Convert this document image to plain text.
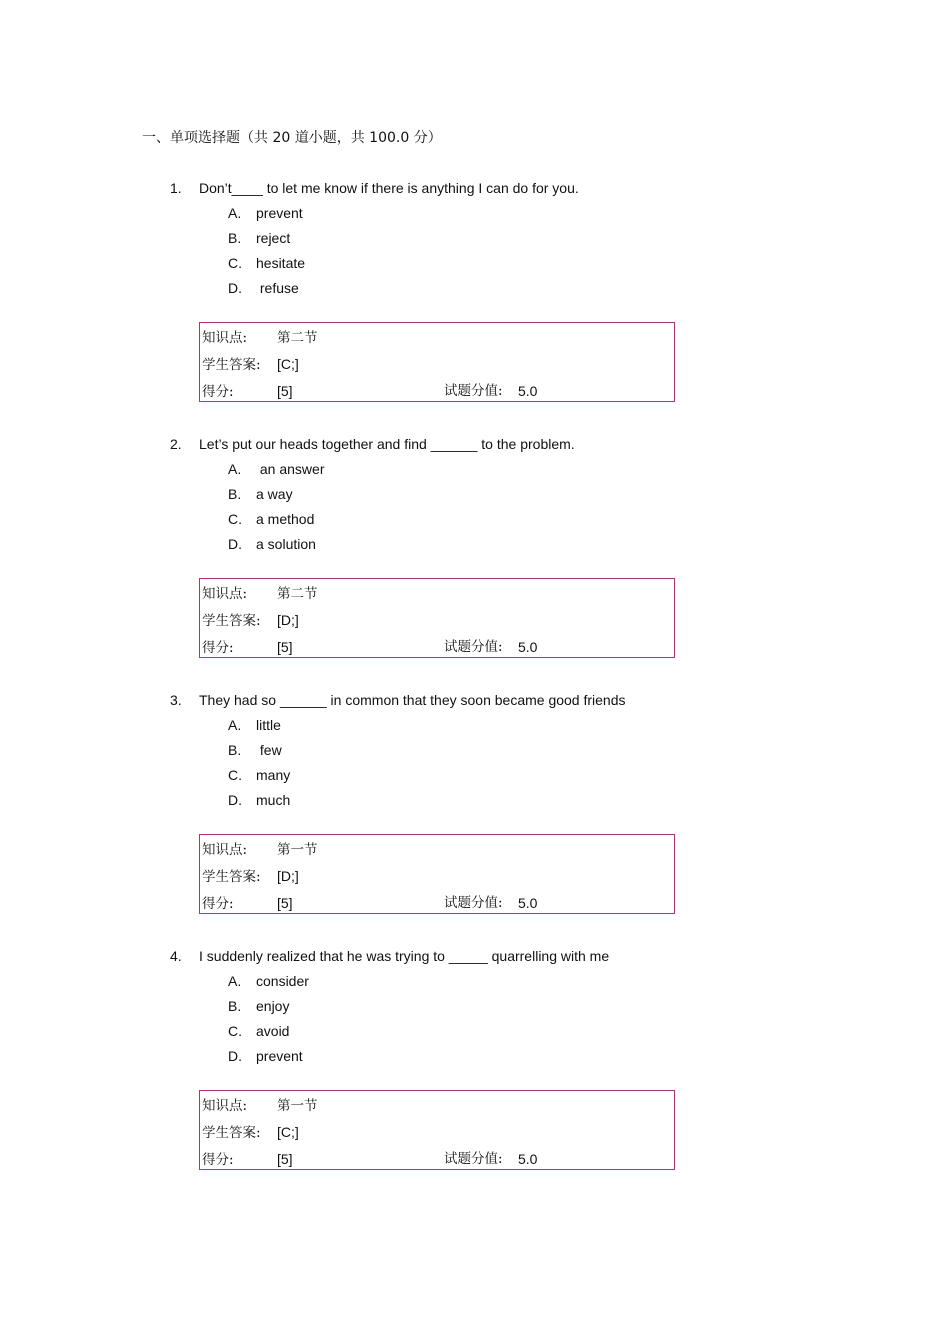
一、单项选择题（共 20 道小题，共 100.0 分）
1. Don’t____ to let me know if there is anything I can do for you.
A. prevent
B. reject
C. hesitate
D. refuse
知识点: 第二节
学生答案: [C;]
得分:	[5]	试题分值: 5.0
2. Let’s put our heads together and find ______ to the problem.
A. an answer
B. a way
C. a method
D. a solution
知识点: 第二节
学生答案: [D;]
得分:	[5]	试题分值: 5.0
3. They had so ______ in common that they soon became good friends
A. little
B. few
C. many
D. much
知识点: 第一节
学生答案: [D;]
得分:	[5]	试题分值: 5.0
4. I suddenly realized that he was trying to _____ quarrelling with me
A. consider
B. enjoy
C. avoid
D. prevent
知识点: 第一节
学生答案: [C;]
得分:	[5]	试题分值: 5.0
